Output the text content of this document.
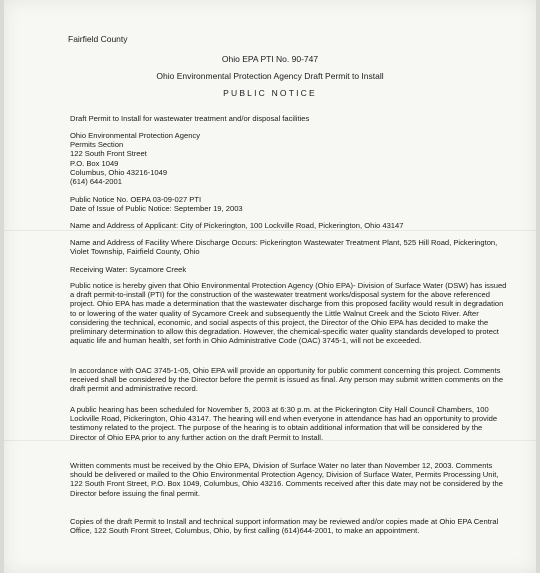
Fairfield County
Ohio EPA PTI No. 90-747
Ohio Environmental Protection Agency Draft Permit to Install
PUBLIC NOTICE
Draft Permit to Install for wastewater treatment and/or disposal facilities
Ohio Environmental Protection Agency
Permits Section
122 South Front Street
P.O. Box 1049
Columbus, Ohio 43216-1049
(614) 644-2001
Public Notice No. OEPA 03-09-027 PTI
Date of Issue of Public Notice: September 19, 2003
Name and Address of Applicant: City of Pickerington, 100 Lockville Road, Pickerington, Ohio 43147
Name and Address of Facility Where Discharge Occurs: Pickerington Wastewater Treatment Plant, 525 Hill Road, Pickerington, Violet Township, Fairfield County, Ohio
Receiving Water: Sycamore Creek
Public notice is hereby given that Ohio Environmental Protection Agency (Ohio EPA)- Division of Surface Water (DSW) has issued a draft permit-to-install (PTI) for the construction of the wastewater treatment works/disposal system for the above referenced project. Ohio EPA has made a determination that the wastewater discharge from this proposed facility would result in degradation to or lowering of the water quality of Sycamore Creek and subsequently the Little Walnut Creek and the Scioto River. After considering the technical, economic, and social aspects of this project, the Director of the Ohio EPA has decided to make the preliminary determination to allow this degradation. However, the chemical-specific water quality standards developed to protect aquatic life and human health, set forth in Ohio Administrative Code (OAC) 3745-1, will not be exceeded.
In accordance with OAC 3745-1-05, Ohio EPA will provide an opportunity for public comment concerning this project. Comments received shall be considered by the Director before the permit is issued as final. Any person may submit written comments on the draft permit and administrative record.
A public hearing has been scheduled for November 5, 2003 at 6:30 p.m. at the Pickerington City Hall Council Chambers, 100 Lockville Road, Pickerington, Ohio 43147. The hearing will end when everyone in attendance has had an opportunity to provide testimony related to the project. The purpose of the hearing is to obtain additional information that will be considered by the Director of Ohio EPA prior to any further action on the draft Permit to Install.
Written comments must be received by the Ohio EPA, Division of Surface Water no later than November 12, 2003. Comments should be delivered or mailed to the Ohio Environmental Protection Agency, Division of Surface Water, Permits Processing Unit, 122 South Front Street, P.O. Box 1049, Columbus, Ohio 43216. Comments received after this date may not be considered by the Director before issuing the final permit.
Copies of the draft Permit to Install and technical support information may be reviewed and/or copies made at Ohio EPA Central Office, 122 South Front Street, Columbus, Ohio, by first calling (614)644-2001, to make an appointment.
